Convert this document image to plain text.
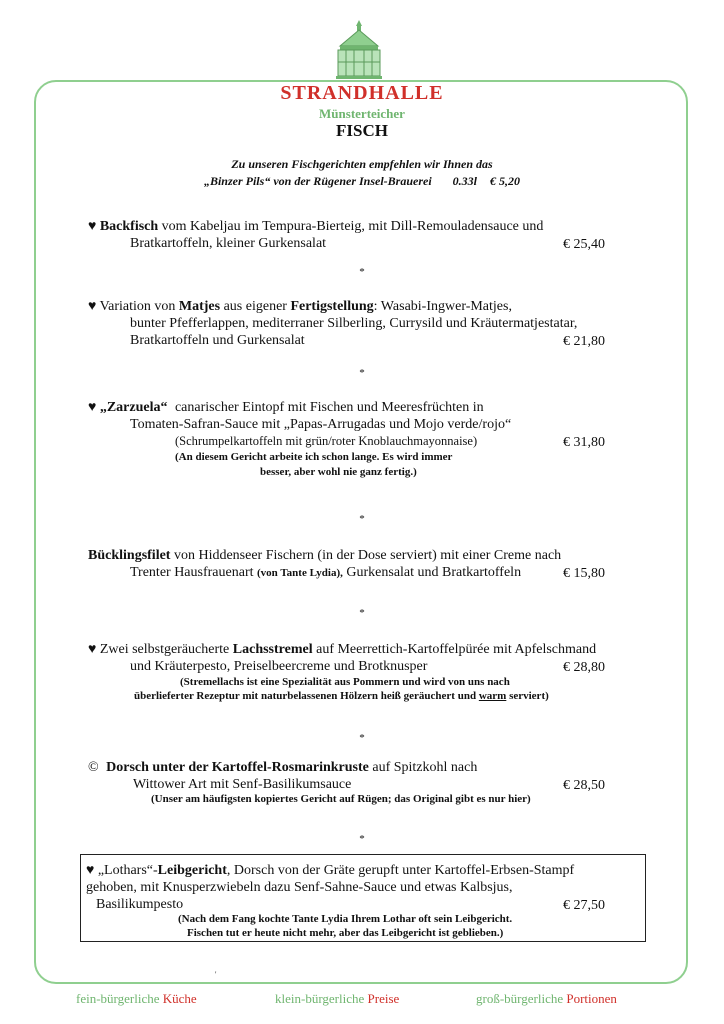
STRANDHALLE
Münsterteicher
FISCH
Zu unseren Fischgerichten empfehlen wir Ihnen das
„Binzer Pils“ von der Rügener Insel-Brauerei 0.33l € 5,20
♥ Backfisch vom Kabeljau im Tempura-Bierteig, mit Dill-Remouladensauce und
Bratkartoffeln, kleiner Gurkensalat	€ 25,40
*
♥ Variation von Matjes aus eigener Fertigstellung: Wasabi-Ingwer-Matjes,
bunter Pfefferlappen, mediterraner Silberling, Currysild und Kräutermatjestatar,
Bratkartoffeln und Gurkensalat	€ 21,80
*
♥ „Zarzuela“ canarischer Eintopf mit Fischen und Meeresfrüchten in
Tomaten-Safran-Sauce mit „Papas-Arrugadas und Mojo verde/rojo“
(Schrumpelkartoffeln mit grün/roter Knoblauchmayonnaise)	€ 31,80
(An diesem Gericht arbeite ich schon lange. Es wird immer
besser, aber wohl nie ganz fertig.)
*
Bücklingsfilet von Hiddenseer Fischern (in der Dose serviert) mit einer Creme nach
Trenter Hausfrauenart (von Tante Lydia), Gurkensalat und Bratkartoffeln	€ 15,80
*
♥ Zwei selbstgeräucherte Lachsstremel auf Meerrettich-Kartoffelpürée mit Apfelschmand
und Kräuterpesto, Preiselbeercreme und Brotknusper	€ 28,80
(Stremellachs ist eine Spezialität aus Pommern und wird von uns nach
überlieferter Rezeptur mit naturbelassenen Hölzern heiß geräuchert und warm serviert)
*
© Dorsch unter der Kartoffel-Rosmarinkruste auf Spitzkohl nach
Wittower Art mit Senf-Basilikumsauce	€ 28,50
(Unser am häufigsten kopiertes Gericht auf Rügen; das Original gibt es nur hier)
*
♥ „Lothars“-Leibgericht, Dorsch von der Gräte gerupft unter Kartoffel-Erbsen-Stampf
gehoben, mit Knusperzwiebeln dazu Senf-Sahne-Sauce und etwas Kalbsjus,
Basilikumpesto	€ 27,50
(Nach dem Fang kochte Tante Lydia Ihrem Lothar oft sein Leibgericht.
Fischen tut er heute nicht mehr, aber das Leibgericht ist geblieben.)
'
fein-bürgerliche Küche	klein-bürgerliche Preise	groß-bürgerliche Portionen
